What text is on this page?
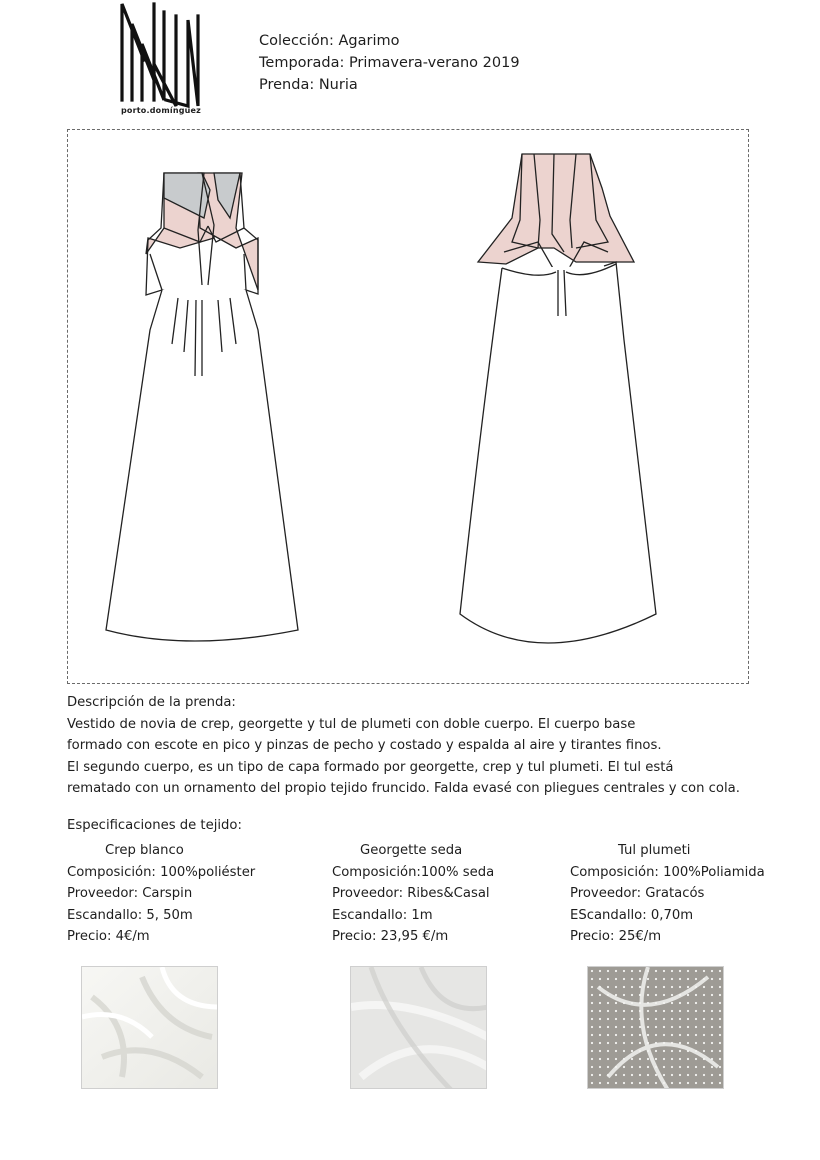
porto.domínguez
Colección: Agarimo
Temporada: Primavera-verano 2019
Prenda: Nuria
Descripción de la prenda:
Vestido de novia de crep, georgette y tul de plumeti con doble cuerpo. El cuerpo base
formado con escote en pico y pinzas de pecho y costado y espalda al aire y tirantes finos.
El segundo cuerpo, es un tipo de capa formado por georgette, crep y tul plumeti. El tul está
rematado con un ornamento del propio tejido fruncido. Falda evasé con pliegues centrales y con cola.
Especificaciones de tejido:
Crep blanco
Composición: 100%poliéster
Proveedor: Carspin
Escandallo: 5, 50m
Precio: 4€/m
Georgette seda
Composición:100% seda
Proveedor: Ribes&Casal
Escandallo: 1m
Precio: 23,95 €/m
Tul plumeti
Composición: 100%Poliamida
Proveedor: Gratacós
EScandallo: 0,70m
Precio: 25€/m
